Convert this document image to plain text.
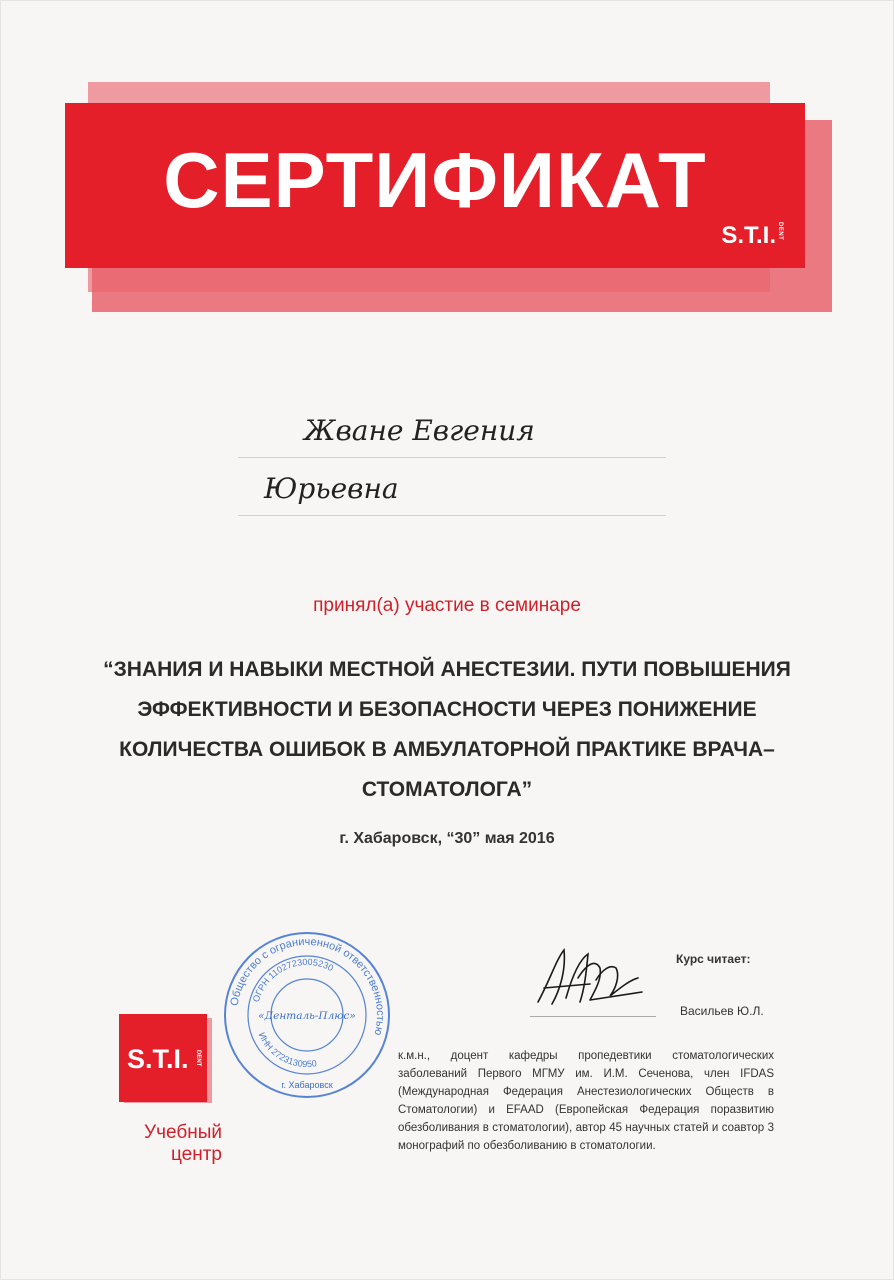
СЕРТИФИКАТ
S.T.I.DENT
Жване Евгения
Юрьевна
принял(а) участие в семинаре
“ЗНАНИЯ И НАВЫКИ МЕСТНОЙ АНЕСТЕЗИИ. ПУТИ ПОВЫШЕНИЯ ЭФФЕКТИВНОСТИ И БЕЗОПАСНОСТИ ЧЕРЕЗ ПОНИЖЕНИЕ КОЛИЧЕСТВА ОШИБОК В АМБУЛАТОРНОЙ ПРАКТИКЕ ВРАЧА–СТОМАТОЛОГА”
г. Хабаровск, “30” мая 2016
Общество с ограниченной ответственностью
ОГРН 1102723005230
ИНН 2723130950
«Денталь-Плюс»
г. Хабаровск
Курс читает:
Васильев Ю.Л.
к.м.н., доцент кафедры пропедевтики стоматологических заболеваний Первого МГМУ им. И.М. Сеченова, член IFDAS (Международная Федерация Анестезиологических Обществ в Стоматологии) и EFAAD (Европейская Федерация поразвитию обезболивания в стоматологии), автор 45 научных статей и соавтор 3 монографий по обезболиванию в стоматологии.
S.T.I. DENT
Учебный
центр
